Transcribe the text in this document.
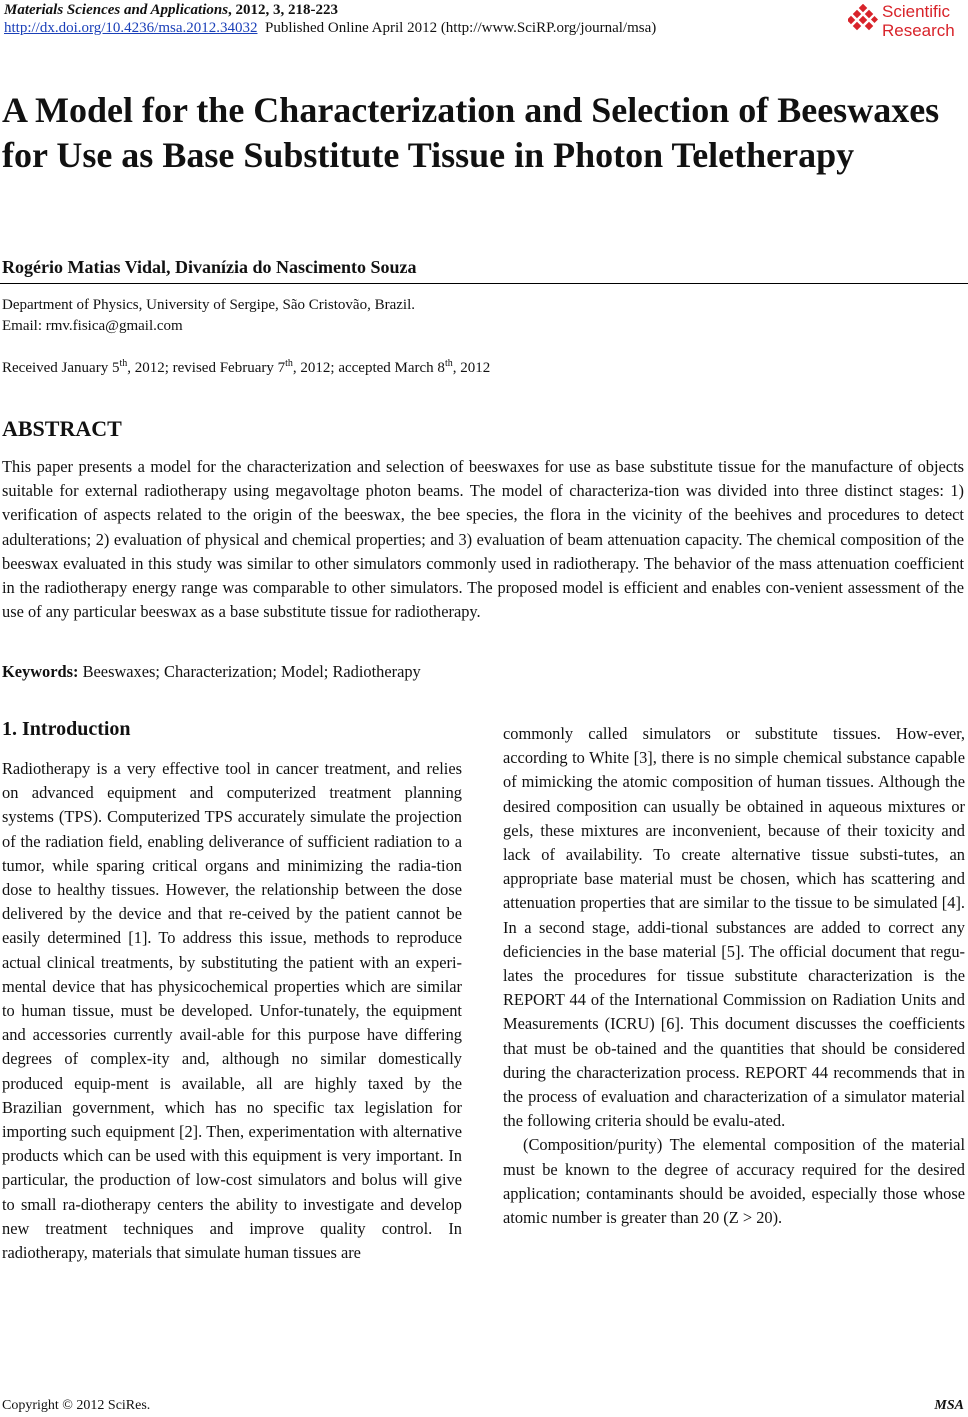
Materials Sciences and Applications, 2012, 3, 218-223
http://dx.doi.org/10.4236/msa.2012.34032 Published Online April 2012 (http://www.SciRP.org/journal/msa)
Scientific
Research
A Model for the Characterization and Selection of Beeswaxes for Use as Base Substitute Tissue in Photon Teletherapy
Rogério Matias Vidal, Divanízia do Nascimento Souza
Department of Physics, University of Sergipe, São Cristovão, Brazil.
Email: rmv.fisica@gmail.com
Received January 5th, 2012; revised February 7th, 2012; accepted March 8th, 2012
ABSTRACT
This paper presents a model for the characterization and selection of beeswaxes for use as base substitute tissue for the manufacture of objects suitable for external radiotherapy using megavoltage photon beams. The model of characteriza-tion was divided into three distinct stages: 1) verification of aspects related to the origin of the beeswax, the bee species, the flora in the vicinity of the beehives and procedures to detect adulterations; 2) evaluation of physical and chemical properties; and 3) evaluation of beam attenuation capacity. The chemical composition of the beeswax evaluated in this study was similar to other simulators commonly used in radiotherapy. The behavior of the mass attenuation coefficient in the radiotherapy energy range was comparable to other simulators. The proposed model is efficient and enables con-venient assessment of the use of any particular beeswax as a base substitute tissue for radiotherapy.
Keywords: Beeswaxes; Characterization; Model; Radiotherapy
1. Introduction
Radiotherapy is a very effective tool in cancer treatment, and relies on advanced equipment and computerized treatment planning systems (TPS). Computerized TPS accurately simulate the projection of the radiation field, enabling deliverance of sufficient radiation to a tumor, while sparing critical organs and minimizing the radia-tion dose to healthy tissues. However, the relationship between the dose delivered by the device and that re-ceived by the patient cannot be easily determined [1]. To address this issue, methods to reproduce actual clinical treatments, by substituting the patient with an experi-mental device that has physicochemical properties which are similar to human tissue, must be developed. Unfor-tunately, the equipment and accessories currently avail-able for this purpose have differing degrees of complex-ity and, although no similar domestically produced equip-ment is available, all are highly taxed by the Brazilian government, which has no specific tax legislation for importing such equipment [2]. Then, experimentation with alternative products which can be used with this equipment is very important. In particular, the production of low-cost simulators and bolus will give to small ra-diotherapy centers the ability to investigate and develop new treatment techniques and improve quality control. In radiotherapy, materials that simulate human tissues are

commonly called simulators or substitute tissues. How-ever, according to White [3], there is no simple chemical substance capable of mimicking the atomic composition of human tissues. Although the desired composition can usually be obtained in aqueous mixtures or gels, these mixtures are inconvenient, because of their toxicity and lack of availability. To create alternative tissue substi-tutes, an appropriate base material must be chosen, which has scattering and attenuation properties that are similar to the tissue to be simulated [4]. In a second stage, addi-tional substances are added to correct any deficiencies in the base material [5]. The official document that regu-lates the procedures for tissue substitute characterization is the REPORT 44 of the International Commission on Radiation Units and Measurements (ICRU) [6]. This document discusses the coefficients that must be ob-tained and the quantities that should be considered during the characterization process. REPORT 44 recommends that in the process of evaluation and characterization of a simulator material the following criteria should be evalu-ated.

(Composition/purity) The elemental composition of the material must be known to the degree of accuracy required for the desired application; contaminants should be avoided, especially those whose atomic number is greater than 20 (Z > 20).

Copyright © 2012 SciRes.	MSA
